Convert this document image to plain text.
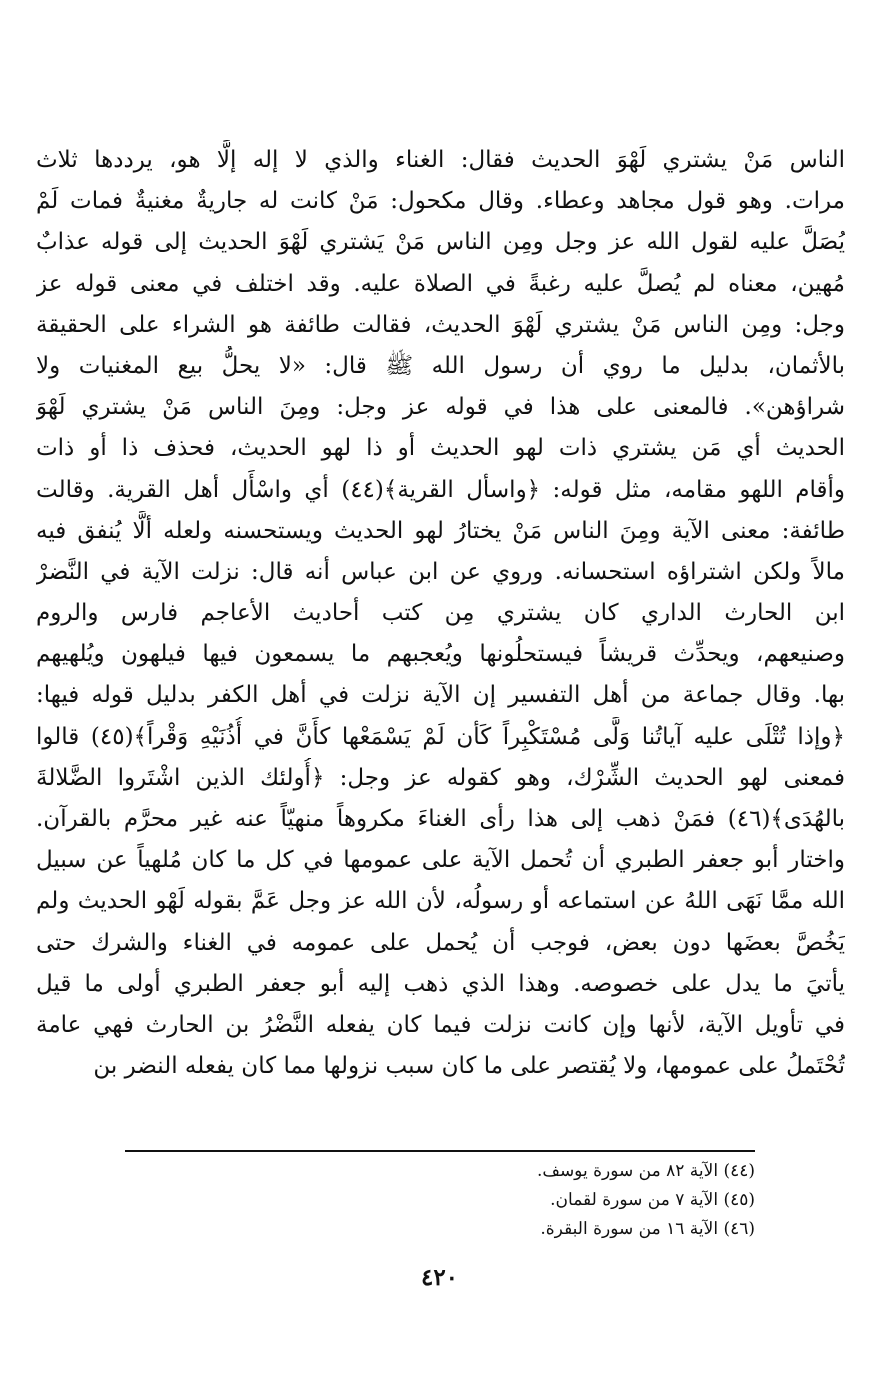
الناس مَنْ يشتري لَهْوَ الحديث فقال: الغناء والذي لا إله إلَّا هو، يرددها ثلاث
مرات. وهو قول مجاهد وعطاء. وقال مكحول: مَنْ كانت له جاريةٌ مغنيةٌ فمات لَمْ
يُصَلَّ عليه لقول الله عز وجل ومِن الناس مَنْ يَشتري لَهْوَ الحديث إلى قوله عذابٌ
مُهين، معناه لم يُصلَّ عليه رغبةً في الصلاة عليه. وقد اختلف في معنى قوله عز
وجل: ومِن الناس مَنْ يشتري لَهْوَ الحديث، فقالت طائفة هو الشراء على الحقيقة
بالأثمان، بدليل ما روي أن رسول الله ﷺ قال: «لا يحلُّ بيع المغنيات ولا
شراؤهن». فالمعنى على هذا في قوله عز وجل: ومِنَ الناس مَنْ يشتري لَهْوَ
الحديث أي مَن يشتري ذات لهو الحديث أو ذا لهو الحديث، فحذف ذا أو ذات
وأقام اللهو مقامه، مثل قوله: ﴿واسأل القرية﴾(٤٤) أي واسْأَل أهل القرية. وقالت
طائفة: معنى الآية ومِنَ الناس مَنْ يختارُ لهو الحديث ويستحسنه ولعله ألَّا يُنفق فيه
مالاً ولكن اشتراؤه استحسانه. وروي عن ابن عباس أنه قال: نزلت الآية في النَّضرْ
ابن الحارث الداري كان يشتري مِن كتب أحاديث الأعاجم فارس والروم
وصنيعهم، ويحدِّث قريشاً فيستحلُونها ويُعجبهم ما يسمعون فيها فيلهون ويُلهيهم
بها. وقال جماعة من أهل التفسير إن الآية نزلت في أهل الكفر بدليل قوله فيها:
﴿وإذا تُتْلَى عليه آياتُنا وَلَّى مُسْتَكْبِراً كَأن لَمْ يَسْمَعْها كأَنَّ في أُذُنَيْهِ وَقْراً﴾(٤٥) قالوا
فمعنى لهو الحديث الشِّرْك، وهو كقوله عز وجل: ﴿أُولئك الذين اشْتَروا الضَّلالةَ
بالهُدَى﴾(٤٦) فمَنْ ذهب إلى هذا رأى الغناءَ مكروهاً منهيّاً عنه غير محرَّم بالقرآن.
واختار أبو جعفر الطبري أن تُحمل الآية على عمومها في كل ما كان مُلهياً عن سبيل
الله ممَّا نَهَى اللهُ عن استماعه أو رسولُه، لأن الله عز وجل عَمَّ بقوله لَهْو الحديث ولم
يَخُصَّ بعضَها دون بعض، فوجب أن يُحمل على عمومه في الغناء والشرك حتى
يأتيَ ما يدل على خصوصه. وهذا الذي ذهب إليه أبو جعفر الطبري أولى ما قيل
في تأويل الآية، لأنها وإن كانت نزلت فيما كان يفعله النَّضْرُ بن الحارث فهي عامة
تُحْتَملُ على عمومها، ولا يُقتصر على ما كان سبب نزولها مما كان يفعله النضر بن
(٤٤) الآية ٨٢ من سورة يوسف.
(٤٥) الآية ٧ من سورة لقمان.
(٤٦) الآية ١٦ من سورة البقرة.
٤٢٠
